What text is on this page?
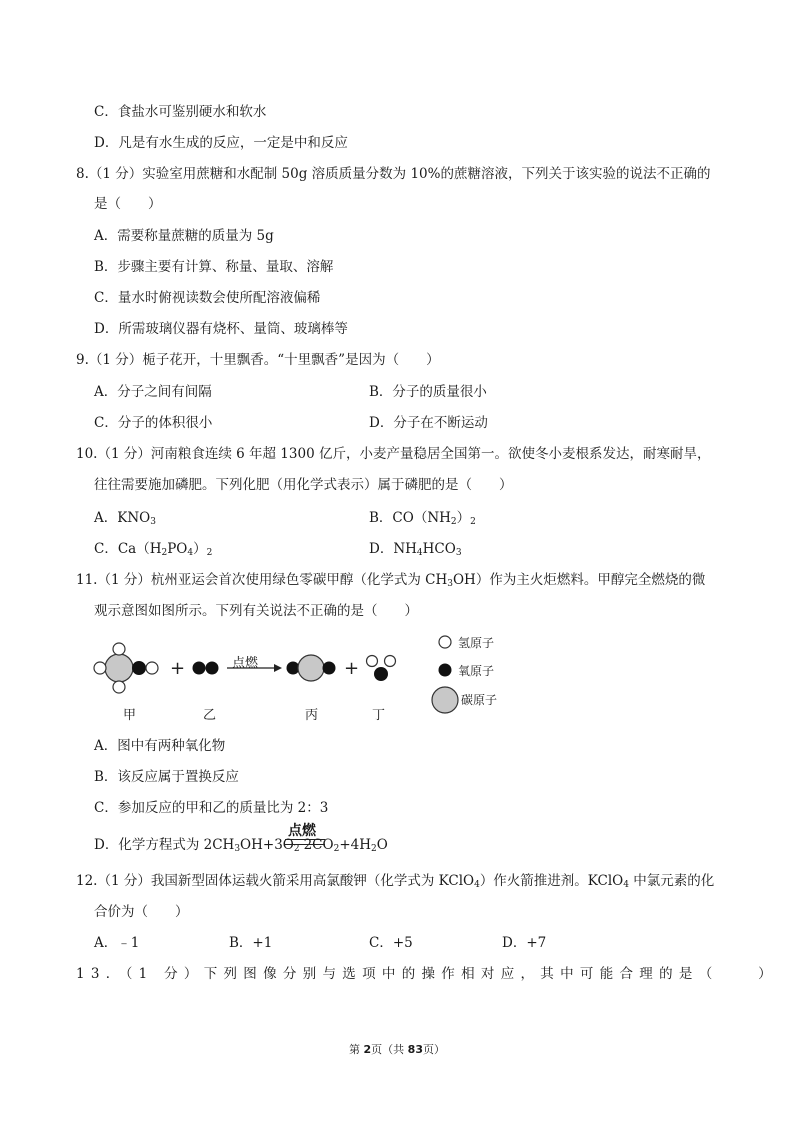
C．食盐水可鉴别硬水和软水
D．凡是有水生成的反应，一定是中和反应
8.（1 分）实验室用蔗糖和水配制 50g 溶质质量分数为 10%的蔗糖溶液，下列关于该实验的说法不正确的
是（　　）
A．需要称量蔗糖的质量为 5g
B．步骤主要有计算、称量、量取、溶解
C．量水时俯视读数会使所配溶液偏稀
D．所需玻璃仪器有烧杯、量筒、玻璃棒等
9.（1 分）栀子花开，十里飘香。“十里飘香”是因为（　　）
A．分子之间有间隔	B．分子的质量很小
C．分子的体积很小	D．分子在不断运动
10.（1 分）河南粮食连续 6 年超 1300 亿斤，小麦产量稳居全国第一。欲使冬小麦根系发达，耐寒耐旱，
往往需要施加磷肥。下列化肥（用化学式表示）属于磷肥的是（　　）
A．$KNO_3$	B．$CO(NH_2)_2$
C．$Ca(H_2PO_4)_2$	D．$NH_4HCO_3$
11.（1 分）杭州亚运会首次使用绿色零碳甲醇（化学式为 $CH_3OH$）作为主火炬燃料。甲醇完全燃烧的微
观示意图如图所示。下列有关说法不正确的是（　　）
+	+
点燃
氢原子
氧原子
碳原子
甲	乙	丙	丁
A．图中有两种氧化物
B．该反应属于置换反应
C．参加反应的甲和乙的质量比为 2：3
D．化学方程式为 $2CH_3OH+3O_2$ $2CO_2+4H_2O$
点燃
12.（1 分）我国新型固体运载火箭采用高氯酸钾（化学式为 KClO$_4$）作火箭推进剂。KClO$_4$ 中氯元素的化
合价为（　　）
A．﹣1	B．+1	C．+5	D．+7
13．（1 分）下列图像分别与选项中的操作相对应，其中可能合理的是（　　）
第 2页（共 83页）
